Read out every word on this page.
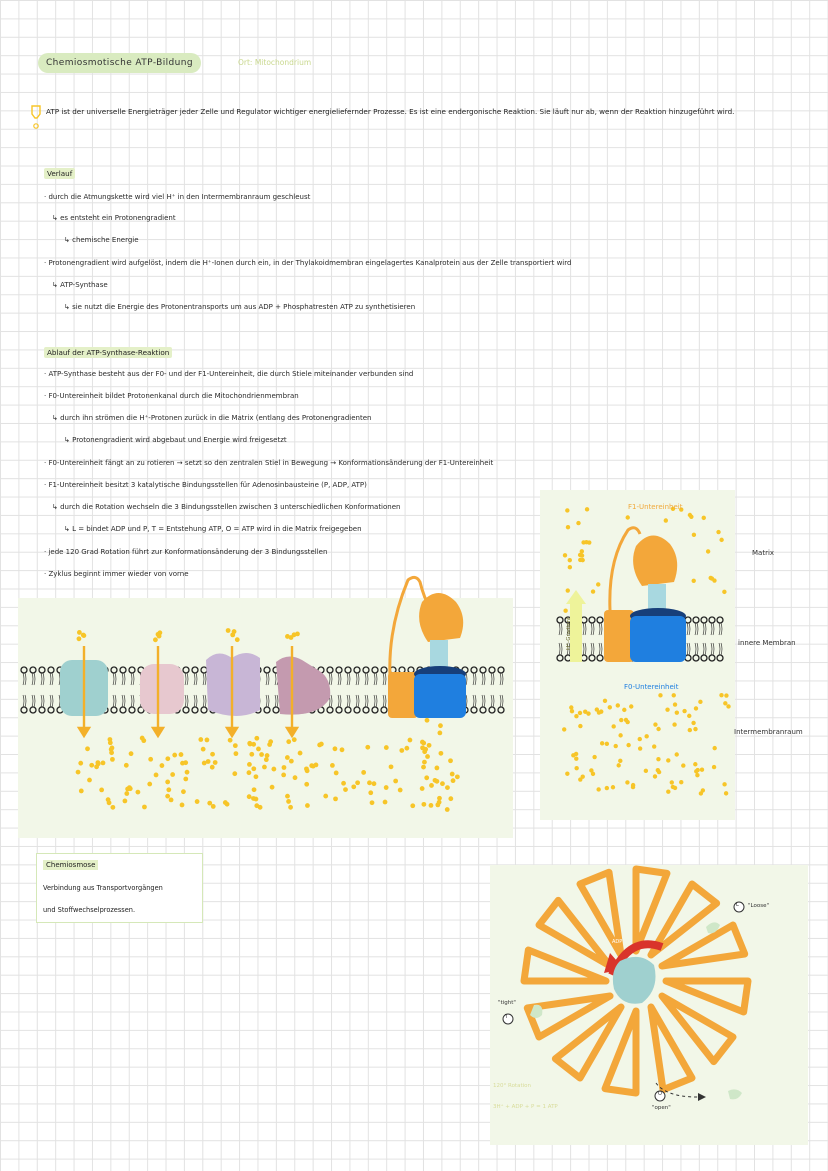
Chemiosmotische ATP-Bildung	Ort: Mitochondrium
ATP ist der universelle Energieträger jeder Zelle und Regulator wichtiger energieliefernder Prozesse. Es ist eine endergonische Reaktion. Sie läuft nur ab, wenn der Reaktion hinzugeführt wird.
Verlauf
· durch die Atmungskette wird viel H⁺ in den Intermembranraum geschleust
↳ es entsteht ein Protonengradient
↳ chemische Energie
· Protonengradient wird aufgelöst, indem die H⁺-Ionen durch ein, in der Thylakoidmembran eingelagertes Kanalprotein aus der Zelle transportiert wird
↳ ATP-Synthase
↳ sie nutzt die Energie des Protonentransports um aus ADP + Phosphatresten ATP zu synthetisieren
Ablauf der ATP-Synthase-Reaktion
· ATP-Synthase besteht aus der F0- und der F1-Untereinheit, die durch Stiele miteinander verbunden sind
· F0-Untereinheit bildet Protonenkanal durch die Mitochondrienmembran
↳ durch ihn strömen die H⁺-Protonen zurück in die Matrix (entlang des Protonengradienten
↳ Protonengradient wird abgebaut und Energie wird freigesetzt
· F0-Untereinheit fängt an zu rotieren → setzt so den zentralen Stiel in Bewegung → Konformationsänderung der F1-Untereinheit
· F1-Untereinheit besitzt 3 katalytische Bindungsstellen für Adenosinbausteine (P, ADP, ATP)
↳ durch die Rotation wechseln die 3 Bindungsstellen zwischen 3 unterschiedlichen Konformationen
↳ L = bindet ADP und P, T = Entstehung ATP, O = ATP wird in die Matrix freigegeben
· jede 120 Grad Rotation führt zur Konformationsänderung der 3 Bindungsstellen
· Zyklus beginnt immer wieder von vorne
F1-Untereinheit
F0-Untereinheit
H⁺-Gradient
Matrix
innere Membran
Intermembranraum
Chemiosmose
Verbindung aus Transportvorgängen
und Stoffwechselprozessen.
ADP
L
T
O
"Loose"
"tight"
"open"
120° Rotation
3H⁺ + ADP + P = 1 ATP
